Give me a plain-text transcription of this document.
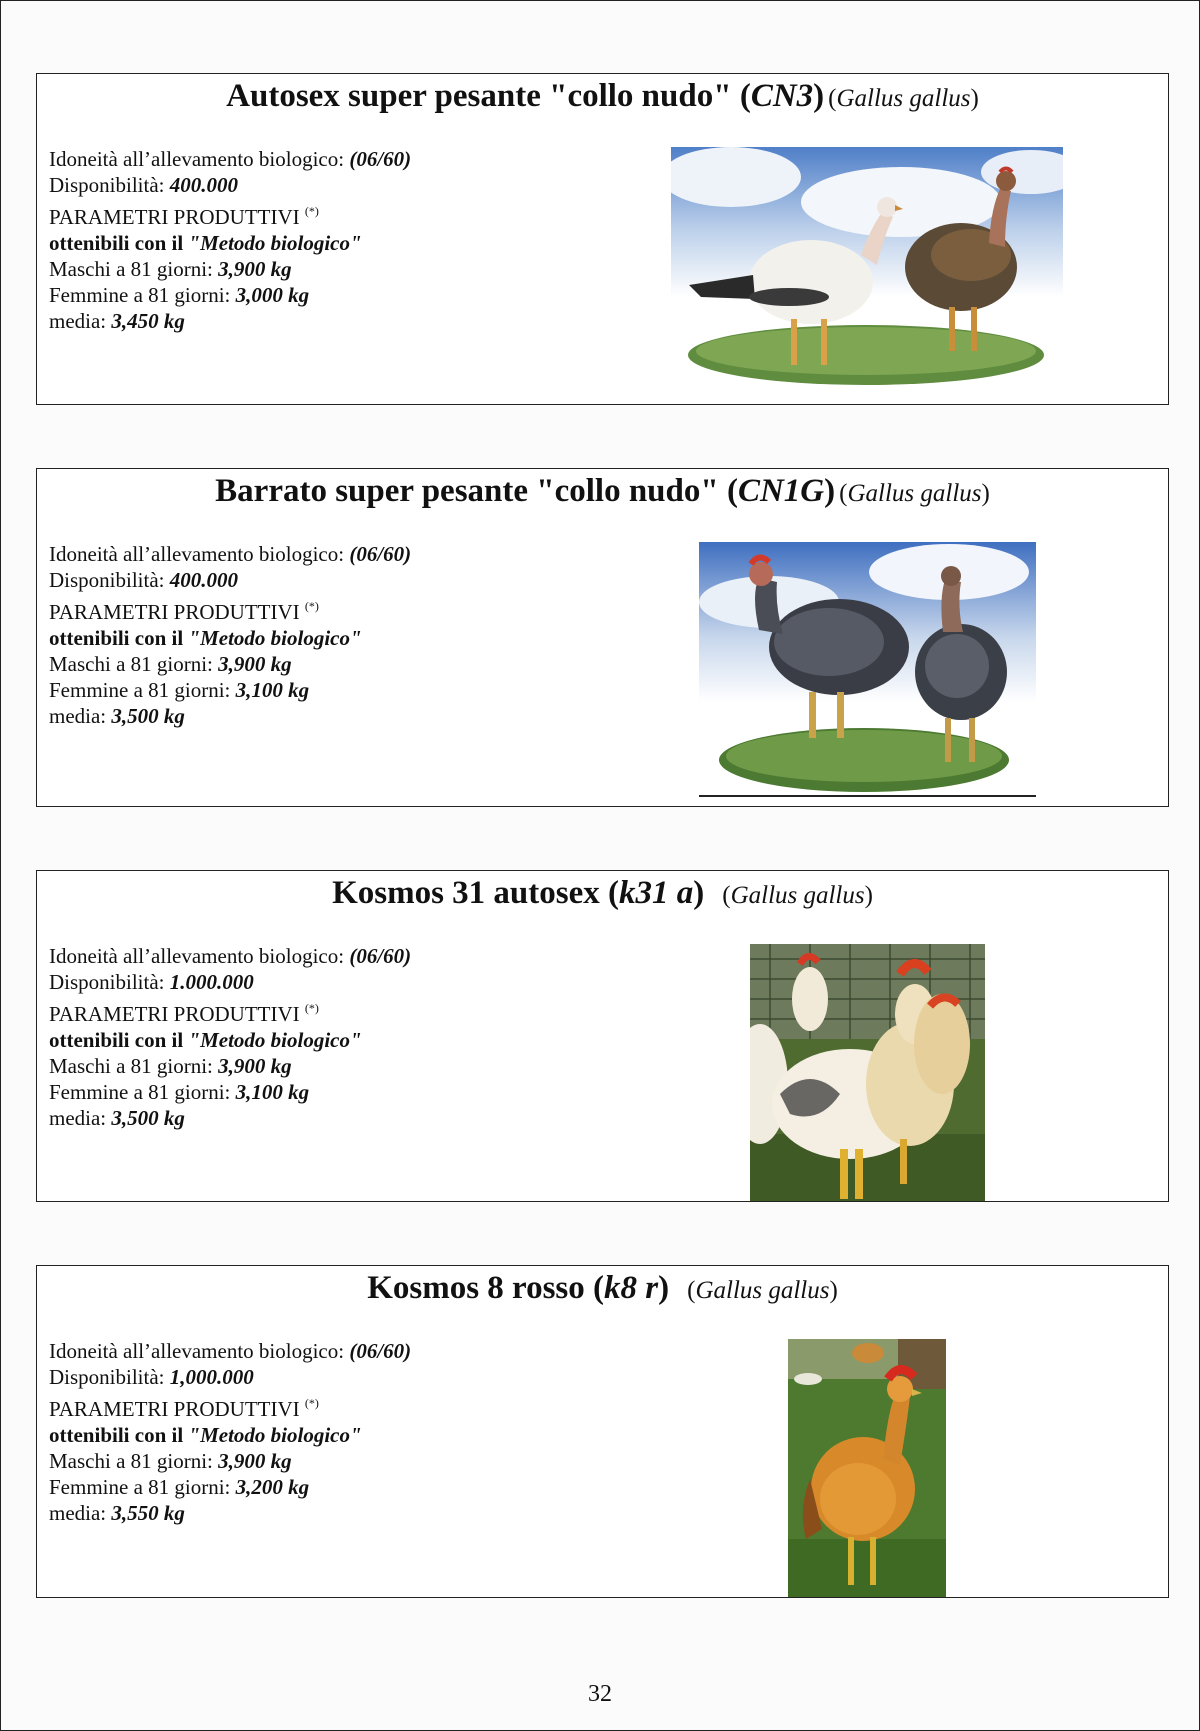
Autosex super pesante "collo nudo" (CN3) (Gallus gallus)
Idoneità all’allevamento biologico: (06/60)
Disponibilità: 400.000
PARAMETRI PRODUTTIVI (*)
ottenibili con il "Metodo biologico"
Maschi a 81 giorni: 3,900 kg
Femmine a 81 giorni: 3,000 kg
media: 3,450 kg
Barrato super pesante "collo nudo" (CN1G) (Gallus gallus)
Idoneità all’allevamento biologico: (06/60)
Disponibilità: 400.000
PARAMETRI PRODUTTIVI (*)
ottenibili con il "Metodo biologico"
Maschi a 81 giorni: 3,900 kg
Femmine a 81 giorni: 3,100 kg
media: 3,500 kg
Kosmos 31 autosex (k31 a) (Gallus gallus)
Idoneità all’allevamento biologico: (06/60)
Disponibilità: 1.000.000
PARAMETRI PRODUTTIVI (*)
ottenibili con il "Metodo biologico"
Maschi a 81 giorni: 3,900 kg
Femmine a 81 giorni: 3,100 kg
media: 3,500 kg
Kosmos 8 rosso (k8 r) (Gallus gallus)
Idoneità all’allevamento biologico: (06/60)
Disponibilità: 1,000.000
PARAMETRI PRODUTTIVI (*)
ottenibili con il "Metodo biologico"
Maschi a 81 giorni: 3,900 kg
Femmine a 81 giorni: 3,200 kg
media: 3,550 kg
32
